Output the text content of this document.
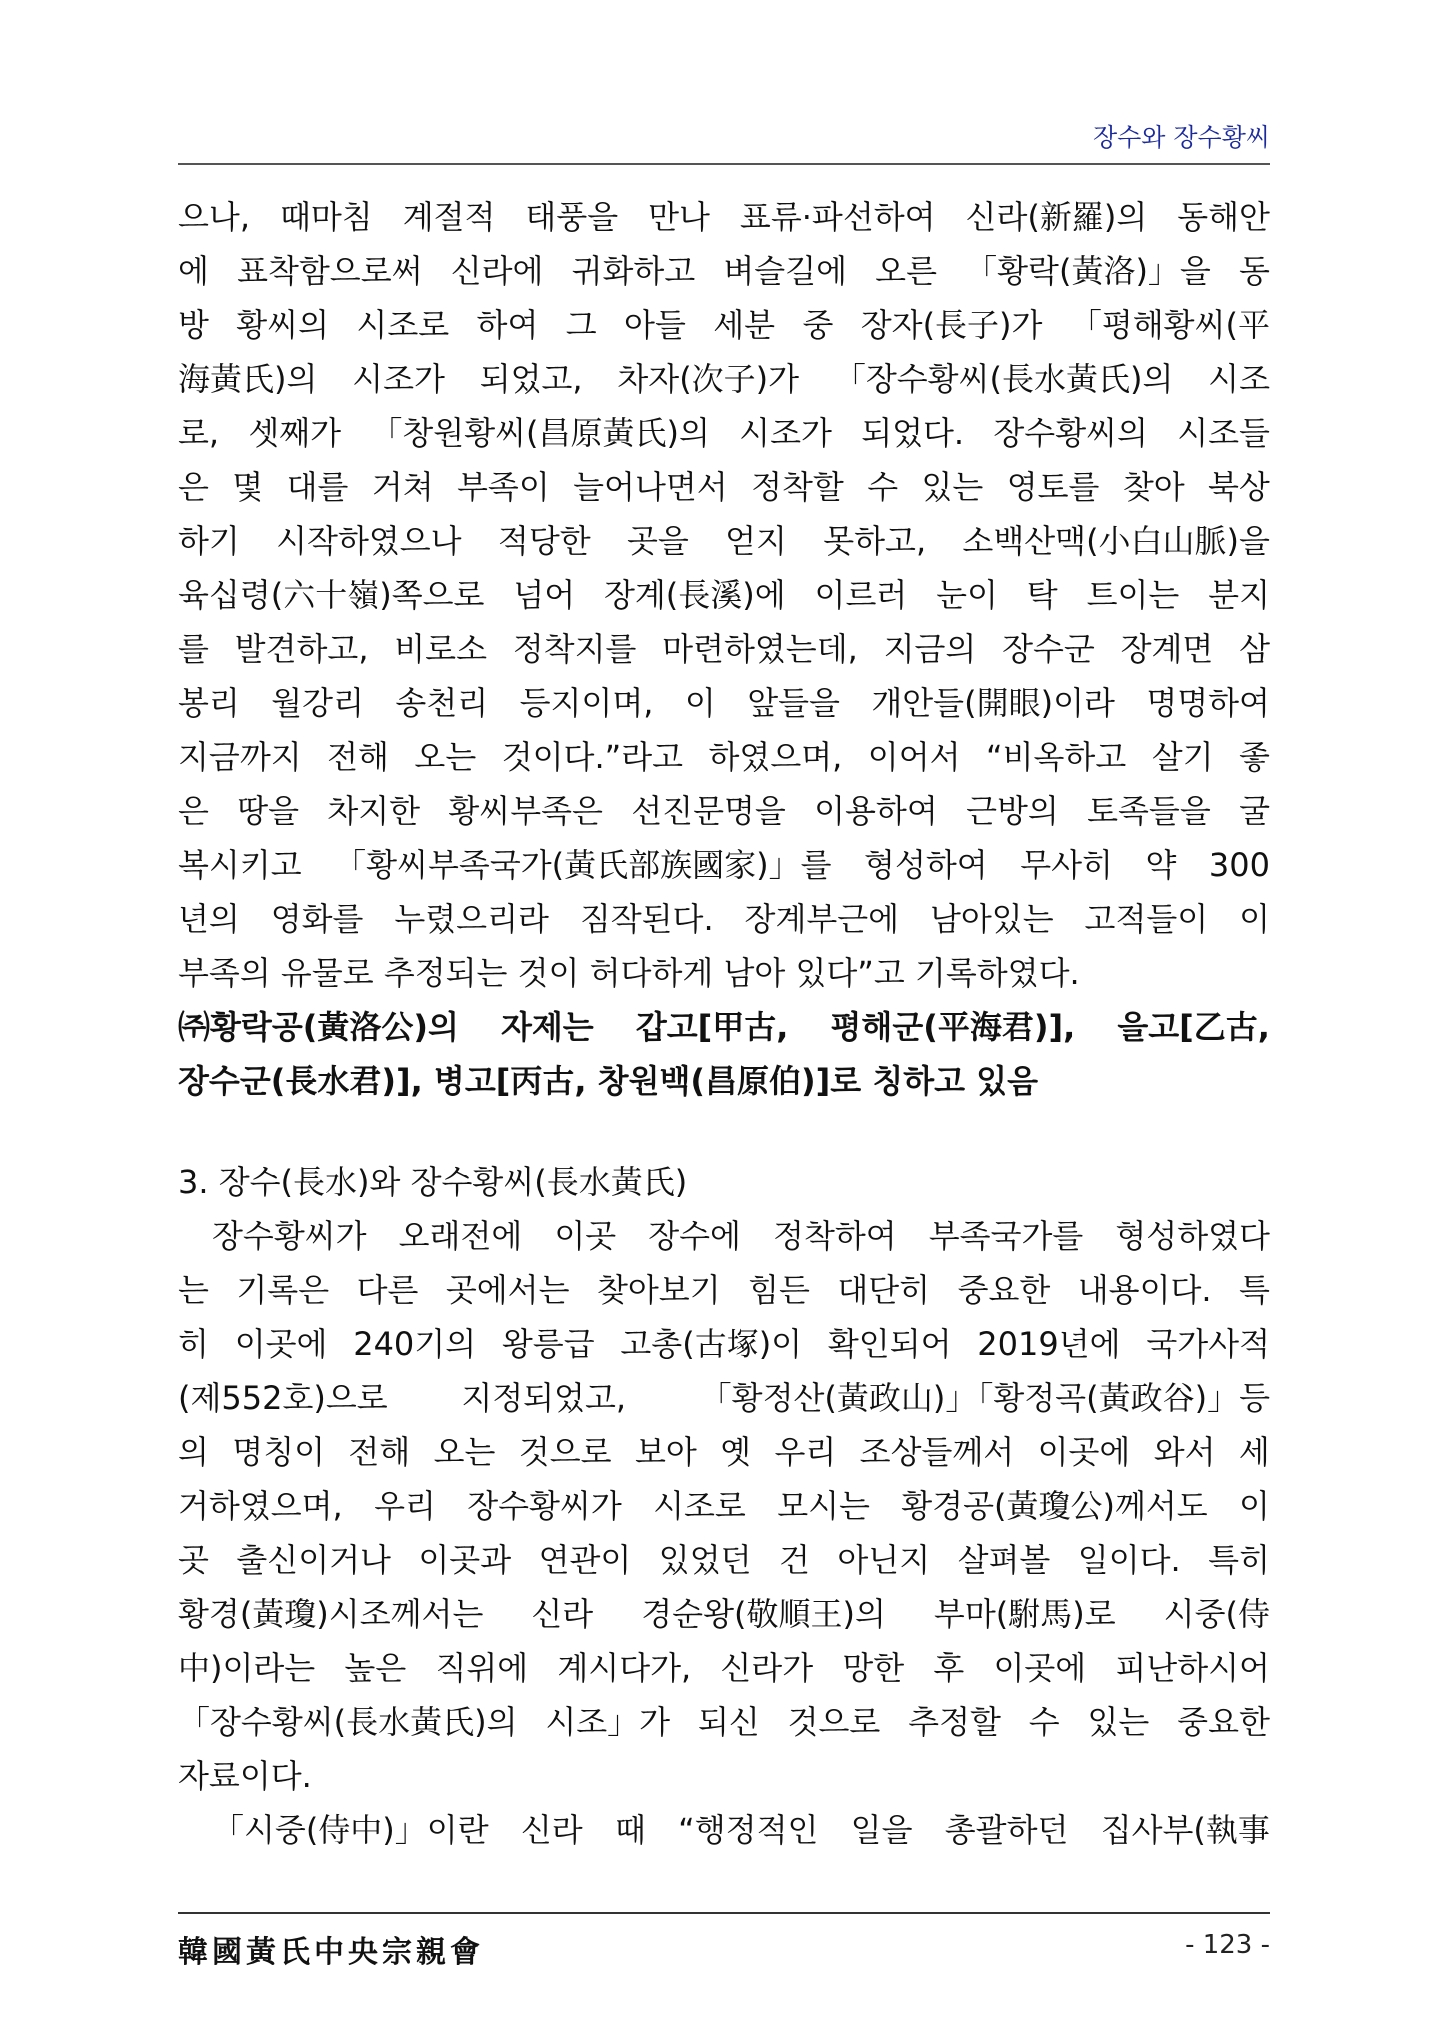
장수와 장수황씨
으나, 때마침 계절적 태풍을 만나 표류·파선하여 신라(新羅)의 동해안
에 표착함으로써 신라에 귀화하고 벼슬길에 오른 「황락(黃洛)」을 동
방 황씨의 시조로 하여 그 아들 세분 중 장자(長子)가 「평해황씨(平
海黃氏)의 시조가 되었고, 차자(次子)가 「장수황씨(長水黃氏)의 시조
로, 셋째가 「창원황씨(昌原黃氏)의 시조가 되었다. 장수황씨의 시조들
은 몇 대를 거쳐 부족이 늘어나면서 정착할 수 있는 영토를 찾아 북상
하기 시작하였으나 적당한 곳을 얻지 못하고, 소백산맥(小白山脈)을
육십령(六十嶺)쪽으로 넘어 장계(長溪)에 이르러 눈이 탁 트이는 분지
를 발견하고, 비로소 정착지를 마련하였는데, 지금의 장수군 장계면 삼
봉리 월강리 송천리 등지이며, 이 앞들을 개안들(開眼)이라 명명하여
지금까지 전해 오는 것이다.”라고 하였으며, 이어서 “비옥하고 살기 좋
은 땅을 차지한 황씨부족은 선진문명을 이용하여 근방의 토족들을 굴
복시키고 「황씨부족국가(黃氏部族國家)」를 형성하여 무사히 약 300
년의 영화를 누렸으리라 짐작된다. 장계부근에 남아있는 고적들이 이
부족의 유물로 추정되는 것이 허다하게 남아 있다”고 기록하였다.
㈜황락공(黃洛公)의 자제는 갑고[甲古, 평해군(平海君)], 을고[乙古,
장수군(長水君)], 병고[丙古, 창원백(昌原伯)]로 칭하고 있음
3. 장수(長水)와 장수황씨(長水黃氏)
장수황씨가 오래전에 이곳 장수에 정착하여 부족국가를 형성하였다
는 기록은 다른 곳에서는 찾아보기 힘든 대단히 중요한 내용이다. 특
히 이곳에 240기의 왕릉급 고총(古塚)이 확인되어 2019년에 국가사적
(제552호)으로 지정되었고, 「황정산(黃政山)」「황정곡(黃政谷)」등
의 명칭이 전해 오는 것으로 보아 옛 우리 조상들께서 이곳에 와서 세
거하였으며, 우리 장수황씨가 시조로 모시는 황경공(黃瓊公)께서도 이
곳 출신이거나 이곳과 연관이 있었던 건 아닌지 살펴볼 일이다. 특히
황경(黃瓊)시조께서는 신라 경순왕(敬順王)의 부마(駙馬)로 시중(侍
中)이라는 높은 직위에 계시다가, 신라가 망한 후 이곳에 피난하시어
「장수황씨(長水黃氏)의 시조」가 되신 것으로 추정할 수 있는 중요한
자료이다.
「시중(侍中)」이란 신라 때 “행정적인 일을 총괄하던 집사부(執事
韓國黃氏中央宗親會	- 123 -
